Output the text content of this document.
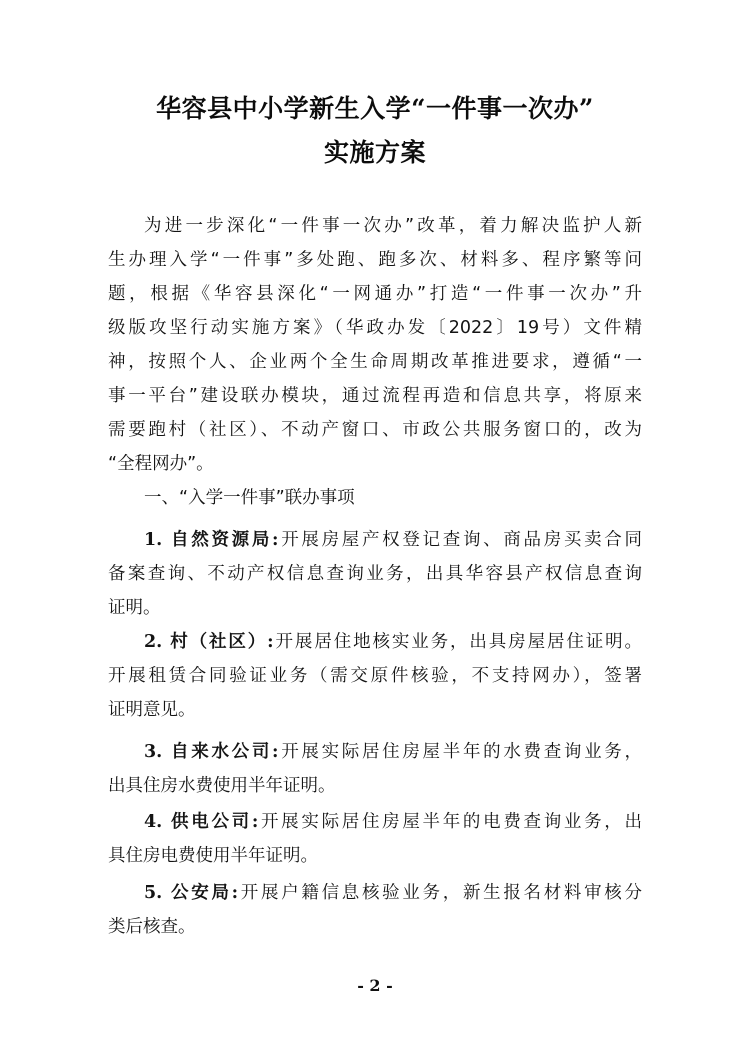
华容县中小学新生入学“一件事一次办”
实施方案
为进一步深化“一件事一次办”改革，着力解决监护人新
生办理入学“一件事”多处跑、跑多次、材料多、程序繁等问
题，根据《华容县深化“一网通办”打造“一件事一次办”升
级版攻坚行动实施方案》（华政办发〔2022〕19号）文件精
神，按照个人、企业两个全生命周期改革推进要求，遵循“一
事一平台”建设联办模块，通过流程再造和信息共享，将原来
需要跑村（社区）、不动产窗口、市政公共服务窗口的，改为
“全程网办”。
一、“入学一件事”联办事项
1. 自然资源局:开展房屋产权登记查询、商品房买卖合同
备案查询、不动产权信息查询业务，出具华容县产权信息查询
证明。
2. 村（社区）:开展居住地核实业务，出具房屋居住证明。
开展租赁合同验证业务（需交原件核验，不支持网办），签署
证明意见。
3. 自来水公司:开展实际居住房屋半年的水费查询业务，
出具住房水费使用半年证明。
4. 供电公司:开展实际居住房屋半年的电费查询业务，出
具住房电费使用半年证明。
5. 公安局:开展户籍信息核验业务，新生报名材料审核分
类后核查。
- 2 -
